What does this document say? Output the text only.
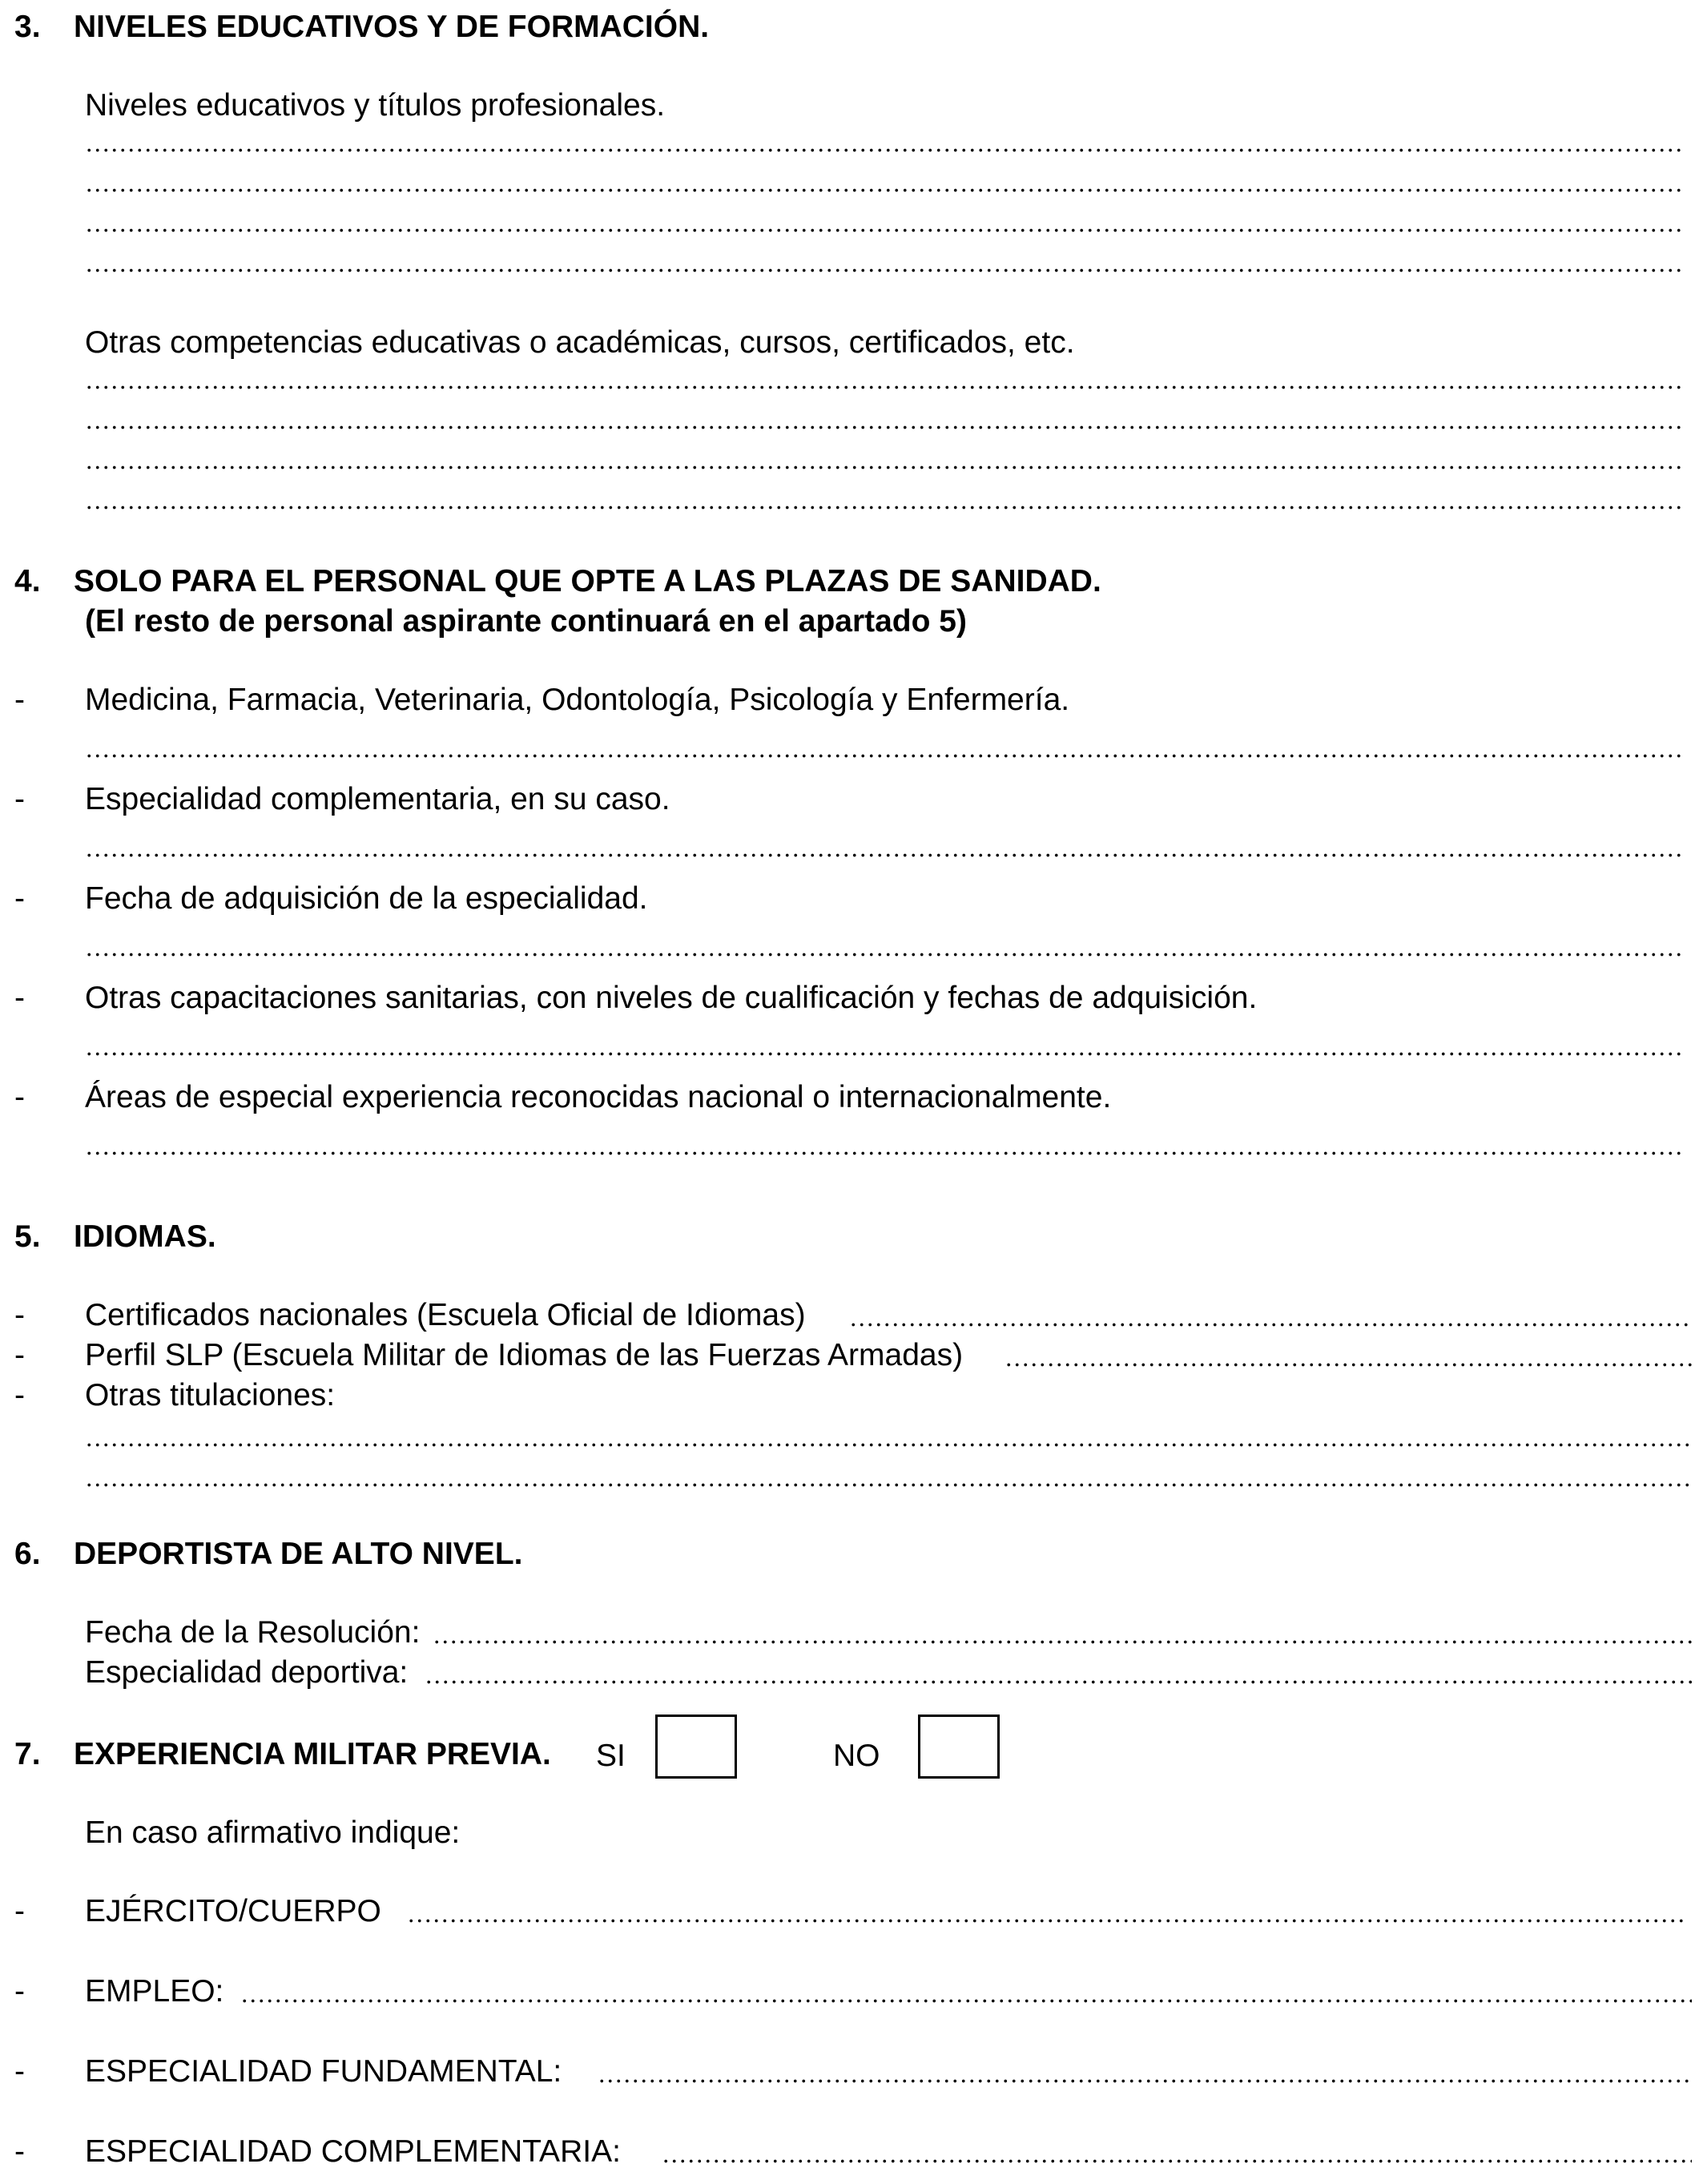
3. NIVELES EDUCATIVOS Y DE FORMACIÓN.
Niveles educativos y títulos profesionales.
Otras competencias educativas o académicas, cursos, certificados, etc.
4. SOLO PARA EL PERSONAL QUE OPTE A LAS PLAZAS DE SANIDAD.
(El resto de personal aspirante continuará en el apartado 5)
- Medicina, Farmacia, Veterinaria, Odontología, Psicología y Enfermería.
- Especialidad complementaria, en su caso.
- Fecha de adquisición de la especialidad.
- Otras capacitaciones sanitarias, con niveles de cualificación y fechas de adquisición.
- Áreas de especial experiencia reconocidas nacional o internacionalmente.
5. IDIOMAS.
- Certificados nacionales (Escuela Oficial de Idiomas)
- Perfil SLP (Escuela Militar de Idiomas de las Fuerzas Armadas)
- Otras titulaciones:
6. DEPORTISTA DE ALTO NIVEL.
Fecha de la Resolución:
Especialidad deportiva:
7. EXPERIENCIA MILITAR PREVIA. SI	NO
En caso afirmativo indique:
- EJÉRCITO/CUERPO
- EMPLEO:
- ESPECIALIDAD FUNDAMENTAL:
- ESPECIALIDAD COMPLEMENTARIA:
